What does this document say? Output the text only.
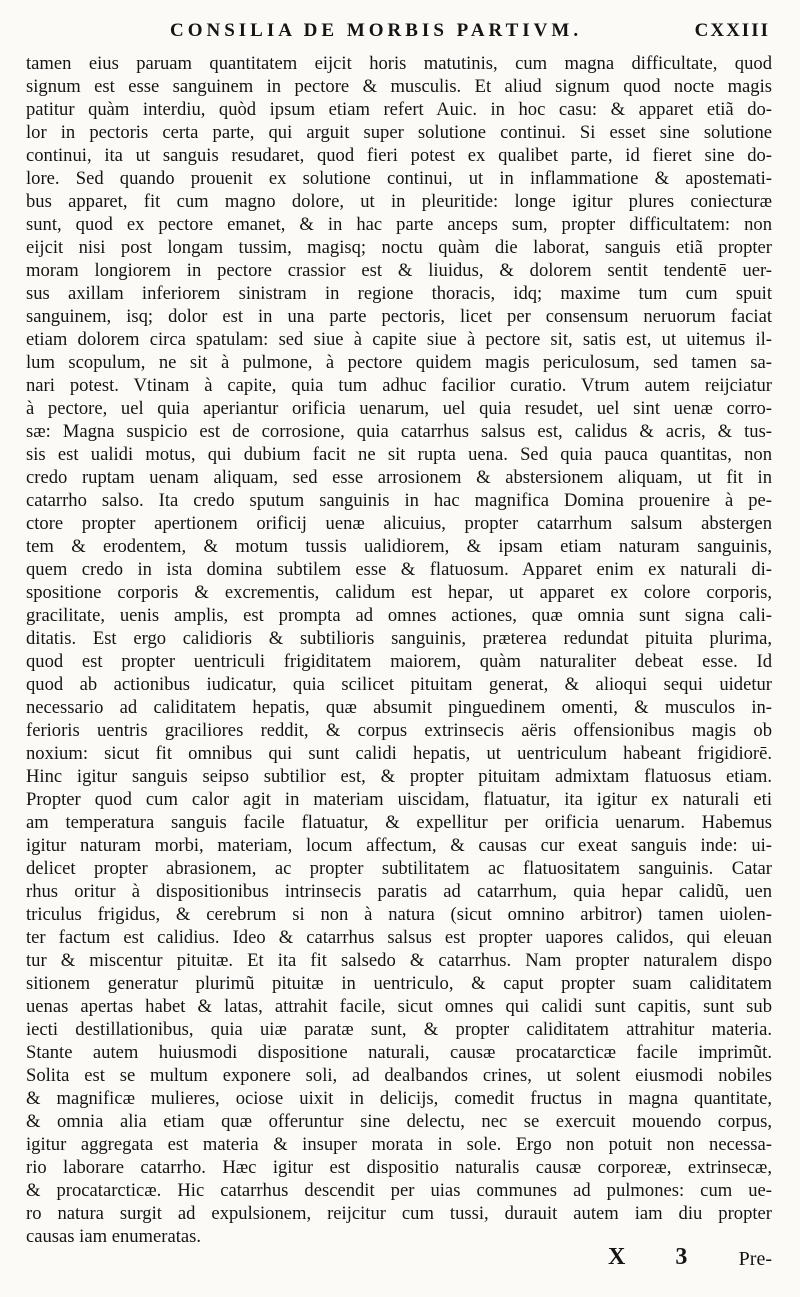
CONSILIA DE MORBIS PARTIVM.	CXXIII
tamen eius paruam quantitatem eijcit horis matutinis, cum magna difficultate, quod
signum est esse sanguinem in pectore & musculis. Et aliud signum quod nocte magis
patitur quàm interdiu, quòd ipsum etiam refert Auic. in hoc casu: & apparet etiã do-
lor in pectoris certa parte, qui arguit super solutione continui. Si esset sine solutione
continui, ita ut sanguis resudaret, quod fieri potest ex qualibet parte, id fieret sine do-
lore. Sed quando prouenit ex solutione continui, ut in inflammatione & apostemati-
bus apparet, fit cum magno dolore, ut in pleuritide: longe igitur plures coniecturæ
sunt, quod ex pectore emanet, & in hac parte anceps sum, propter difficultatem: non
eijcit nisi post longam tussim, magisq; noctu quàm die laborat, sanguis etiã propter
moram longiorem in pectore crassior est & liuidus, & dolorem sentit tendentē uer-
sus axillam inferiorem sinistram in regione thoracis, idq; maxime tum cum spuit
sanguinem, isq; dolor est in una parte pectoris, licet per consensum neruorum faciat
etiam dolorem circa spatulam: sed siue à capite siue à pectore sit, satis est, ut uitemus il-
lum scopulum, ne sit à pulmone, à pectore quidem magis periculosum, sed tamen sa-
nari potest. Vtinam à capite, quia tum adhuc facilior curatio. Vtrum autem reijciatur
à pectore, uel quia aperiantur orificia uenarum, uel quia resudet, uel sint uenæ corro-
sæ: Magna suspicio est de corrosione, quia catarrhus salsus est, calidus & acris, & tus-
sis est ualidi motus, qui dubium facit ne sit rupta uena. Sed quia pauca quantitas, non
credo ruptam uenam aliquam, sed esse arrosionem & abstersionem aliquam, ut fit in
catarrho salso. Ita credo sputum sanguinis in hac magnifica Domina prouenire à pe-
ctore propter apertionem orificij uenæ alicuius, propter catarrhum salsum abstergen
tem & erodentem, & motum tussis ualidiorem, & ipsam etiam naturam sanguinis,
quem credo in ista domina subtilem esse & flatuosum. Apparet enim ex naturali di-
spositione corporis & excrementis, calidum est hepar, ut apparet ex colore corporis,
gracilitate, uenis amplis, est prompta ad omnes actiones, quæ omnia sunt signa cali-
ditatis. Est ergo calidioris & subtilioris sanguinis, præterea redundat pituita plurima,
quod est propter uentriculi frigiditatem maiorem, quàm naturaliter debeat esse. Id
quod ab actionibus iudicatur, quia scilicet pituitam generat, & alioqui sequi uidetur
necessario ad caliditatem hepatis, quæ absumit pinguedinem omenti, & musculos in-
ferioris uentris graciliores reddit, & corpus extrinsecis aëris offensionibus magis ob
noxium: sicut fit omnibus qui sunt calidi hepatis, ut uentriculum habeant frigidiorē.
Hinc igitur sanguis seipso subtilior est, & propter pituitam admixtam flatuosus etiam.
Propter quod cum calor agit in materiam uiscidam, flatuatur, ita igitur ex naturali eti
am temperatura sanguis facile flatuatur, & expellitur per orificia uenarum. Habemus
igitur naturam morbi, materiam, locum affectum, & causas cur exeat sanguis inde: ui-
delicet propter abrasionem, ac propter subtilitatem ac flatuositatem sanguinis. Catar
rhus oritur à dispositionibus intrinsecis paratis ad catarrhum, quia hepar calidũ, uen
triculus frigidus, & cerebrum si non à natura (sicut omnino arbitror) tamen uiolen-
ter factum est calidius. Ideo & catarrhus salsus est propter uapores calidos, qui eleuan
tur & miscentur pituitæ. Et ita fit salsedo & catarrhus. Nam propter naturalem dispo
sitionem generatur plurimũ pituitæ in uentriculo, & caput propter suam caliditatem
uenas apertas habet & latas, attrahit facile, sicut omnes qui calidi sunt capitis, sunt sub
iecti destillationibus, quia uiæ paratæ sunt, & propter caliditatem attrahitur materia.
Stante autem huiusmodi dispositione naturali, causæ procatarcticæ facile imprimũt.
Solita est se multum exponere soli, ad dealbandos crines, ut solent eiusmodi nobiles
& magnificæ mulieres, ociose uixit in delicijs, comedit fructus in magna quantitate,
& omnia alia etiam quæ offeruntur sine delectu, nec se exercuit mouendo corpus,
igitur aggregata est materia & insuper morata in sole. Ergo non potuit non necessa-
rio laborare catarrho. Hæc igitur est dispositio naturalis causæ corporeæ, extrinsecæ,
& procatarcticæ. Hic catarrhus descendit per uias communes ad pulmones: cum ue-
ro natura surgit ad expulsionem, reijcitur cum tussi, durauit autem iam diu propter
causas iam enumeratas.
X 3 Pre-
